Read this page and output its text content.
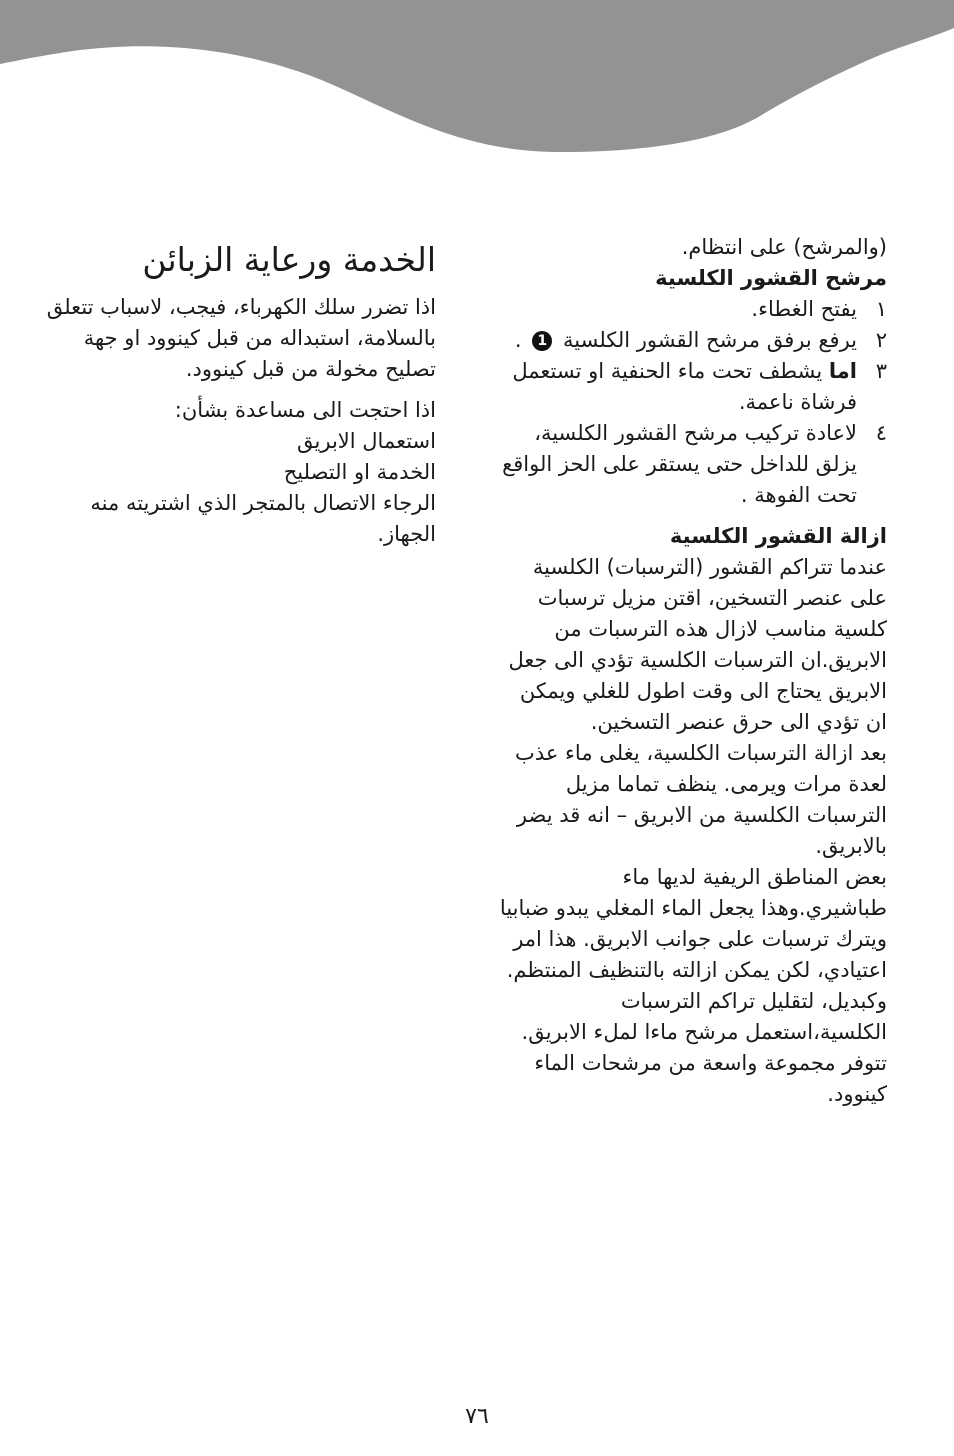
(والمرشح) على انتظام.

مرشح القشور الكلسية

١
يفتح الغطاء.
٢
يرفع برفق مرشح القشور الكلسية 1 .
٣
اما يشطف تحت ماء الحنفية او تستعمل فرشاة ناعمة.
٤
لاعادة تركيب مرشح القشور الكلسية، يزلق للداخل حتى يستقر على الحز الواقع تحت الفوهة .

ازالة القشور الكلسية

عندما تتراكم القشور (الترسبات) الكلسية على عنصر التسخين، اقتن مزيل ترسبات كلسية مناسب لازال هذه الترسبات من الابريق.ان الترسبات الكلسية تؤدي الى جعل الابريق يحتاج الى وقت اطول للغلي ويمكن ان تؤدي الى حرق عنصر التسخين.

بعد ازالة الترسبات الكلسية، يغلى ماء عذب لعدة مرات ويرمى. ينظف تماما مزيل الترسبات الكلسية من الابريق – انه قد يضر بالابريق.

بعض المناطق الريفية لديها ماء طباشيري.وهذا يجعل الماء المغلي يبدو ضبابيا ويترك ترسبات على جوانب الابريق. هذا امر اعتيادي، لكن يمكن ازالته بالتنظيف المنتظم.

وكبديل، لتقليل تراكم الترسبات الكلسية،استعمل مرشح ماءا لملء الابريق. تتوفر مجموعة واسعة من مرشحات الماء كينوود.

الخدمة ورعاية الزبائن

اذا تضرر سلك الكهرباء، فيجب، لاسباب تتعلق بالسلامة، استبداله من قبل كينوود او جهة تصليح مخولة من قبل كينوود.

اذا احتجت الى مساعدة بشأن:

استعمال الابريق

الخدمة او التصليح

الرجاء الاتصال بالمتجر الذي اشتريته منه الجهاز.

٧٦
